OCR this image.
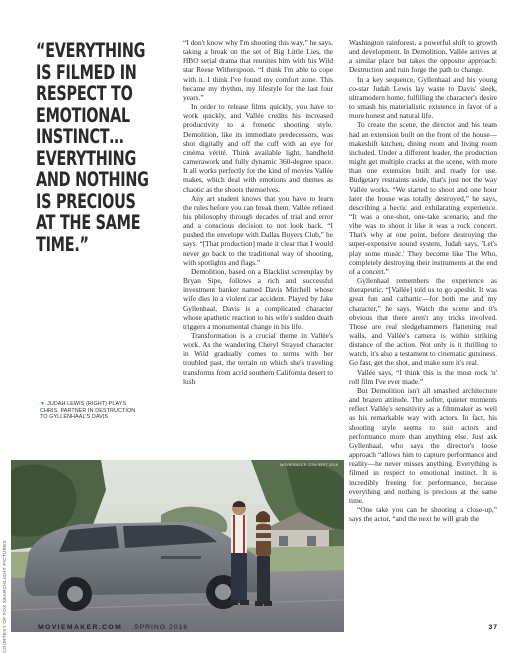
“EVERYTHING IS FILMED IN RESPECT TO EMOTIONAL INSTINCT… EVERYTHING AND NOTHING IS PRECIOUS AT THE SAME TIME.”
▼ JUDAH LEWIS (RIGHT) PLAYS CHRIS, PARTNER IN DESTRUCTION TO GYLLENHAAL'S DAVIS

“I don't know why I'm shooting this way,” he says, taking a break on the set of Big Little Lies, the HBO serial drama that reunites him with his Wild star Reese Witherspoon. “I think I'm able to cope with it. I think I've found my comfort zone. This became my rhythm, my lifestyle for the last four years.”

In order to release films quickly, you have to work quickly, and Vallée credits his increased productivity to a frenetic shooting style. Demolition, like its immediate predecessors, was shot digitally and off the cuff with an eye for cinéma vérité. Think available light, handheld camerawork and fully dynamic 360-degree space. It all works perfectly for the kind of movies Vallée makes, which deal with emotions and themes as chaotic as the shoots themselves.

Any art student knows that you have to learn the rules before you can break them. Vallée refined his philosophy through decades of trial and error and a conscious decision to not look back. “I pushed the envelope with Dallas Buyers Club,” he says. “[That production] made it clear that I would never go back to the traditional way of shooting, with spotlights and flags.”

Demolition, based on a Blacklist screenplay by Bryan Sipe, follows a rich and successful investment banker named Davis Mitchell whose wife dies in a violent car accident. Played by Jake Gyllenhaal, Davis is a complicated character whose apathetic reaction to his wife's sudden death triggers a monumental change in his life.

Transformation is a crucial theme in Vallée's work. As the wandering Cheryl Strayed character in Wild gradually comes to terms with her troubled past, the terrain on which she's traveling transforms from acrid southern California desert to lush

Washington rainforest, a powerful shift to growth and development. In Demolition, Vallée arrives at a similar place but takes the opposite approach: Destruction and ruin forge the path to change.

In a key sequence, Gyllenhaal and his young co-star Judah Lewis lay waste to Davis' sleek, ultramodern home, fulfilling the character's desire to smash his materialistic existence in favor of a more honest and natural life.

To create the scene, the director and his team had an extension built on the front of the house—makeshift kitchen, dining room and living room included. Under a different leader, the production might get multiple cracks at the scene, with more than one extension built and ready for use. Budgetary restraints aside, that's just not the way Vallée works. “We started to shoot and one hour later the house was totally destroyed,” he says, describing a hectic and exhilarating experience. “It was a one-shot, one-take scenario, and the vibe was to shoot it like it was a rock concert. That's why at one point, before destroying the super-expensive sound system, Judah says, 'Let's play some music.' They become like The Who, completely destroying their instruments at the end of a concert.”

Gyllenhaal remembers the experience as therapeutic. “[Vallée] told us to go apeshit. It was great fun and cathartic—for both me and my character,” he says. Watch the scene and it's obvious that there aren't any tricks involved. Those are real sledgehammers flattening real walls, and Vallée's camera is within striking distance of the action. Not only is it thrilling to watch, it's also a testament to cinematic gutsiness. Go fast, get the shot, and make sure it's real.

Vallée says, “I think this is the most rock 'n' roll film I've ever made.”

But Demolition isn't all smashed architecture and brazen attitude. The softer, quieter moments reflect Vallée's sensitivity as a filmmaker as well as his remarkable way with actors. In fact, his shooting style seems to suit actors and performance more than anything else. Just ask Gyllenhaal, who says the director's loose approach “allows him to capture performance and reality—he never misses anything. Everything is filmed in respect to emotional instinct. It is incredibly freeing for performance, because everything and nothing is precious at the same time.

“One take you can be shooting a close-up,” says the actor, “and the next he will grab the

COURTESY OF FOX SEARCHLIGHT PICTURES
MOVIEMAKER.COM SEPT 2016
MOVIEMAKER.COM SPRING 2016	37
